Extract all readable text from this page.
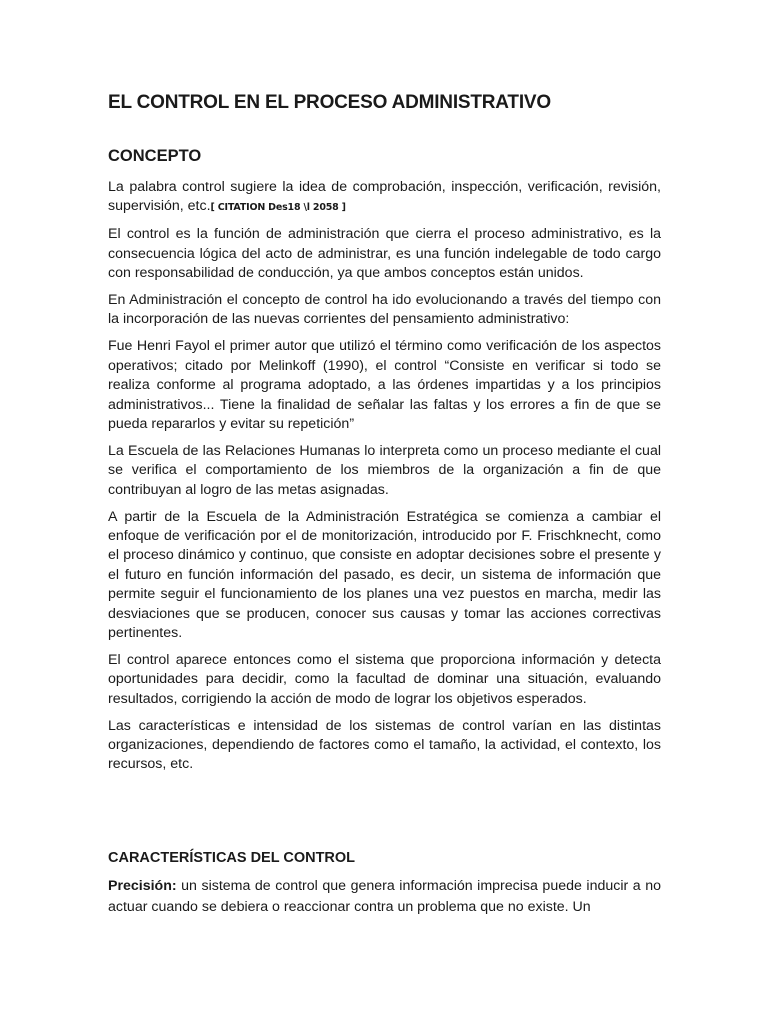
EL CONTROL EN EL PROCESO ADMINISTRATIVO
CONCEPTO

La palabra control sugiere la idea de comprobación, inspección, verificación, revisión, supervisión, etc.[ CITATION Des18 \l 2058 ]

El control es la función de administración que cierra el proceso administrativo, es la consecuencia lógica del acto de administrar, es una función indelegable de todo cargo con responsabilidad de conducción, ya que ambos conceptos están unidos.

En Administración el concepto de control ha ido evolucionando a través del tiempo con la incorporación de las nuevas corrientes del pensamiento administrativo:

Fue Henri Fayol el primer autor que utilizó el término como verificación de los aspectos operativos; citado por Melinkoff (1990), el control “Consiste en verificar si todo se realiza conforme al programa adoptado, a las órdenes impartidas y a los principios administrativos... Tiene la finalidad de señalar las faltas y los errores a fin de que se pueda repararlos y evitar su repetición”

La Escuela de las Relaciones Humanas lo interpreta como un proceso mediante el cual se verifica el comportamiento de los miembros de la organización a fin de que contribuyan al logro de las metas asignadas.

A partir de la Escuela de la Administración Estratégica se comienza a cambiar el enfoque de verificación por el de monitorización, introducido por F. Frischknecht, como el proceso dinámico y continuo, que consiste en adoptar decisiones sobre el presente y el futuro en función información del pasado, es decir, un sistema de información que permite seguir el funcionamiento de los planes una vez puestos en marcha, medir las desviaciones que se producen, conocer sus causas y tomar las acciones correctivas pertinentes.

El control aparece entonces como el sistema que proporciona información y detecta oportunidades para decidir, como la facultad de dominar una situación, evaluando resultados, corrigiendo la acción de modo de lograr los objetivos esperados.

Las características e intensidad de los sistemas de control varían en las distintas organizaciones, dependiendo de factores como el tamaño, la actividad, el contexto, los recursos, etc.

CARACTERÍSTICAS DEL CONTROL

Precisión: un sistema de control que genera información imprecisa puede inducir a no actuar cuando se debiera o reaccionar contra un problema que no existe. Un
